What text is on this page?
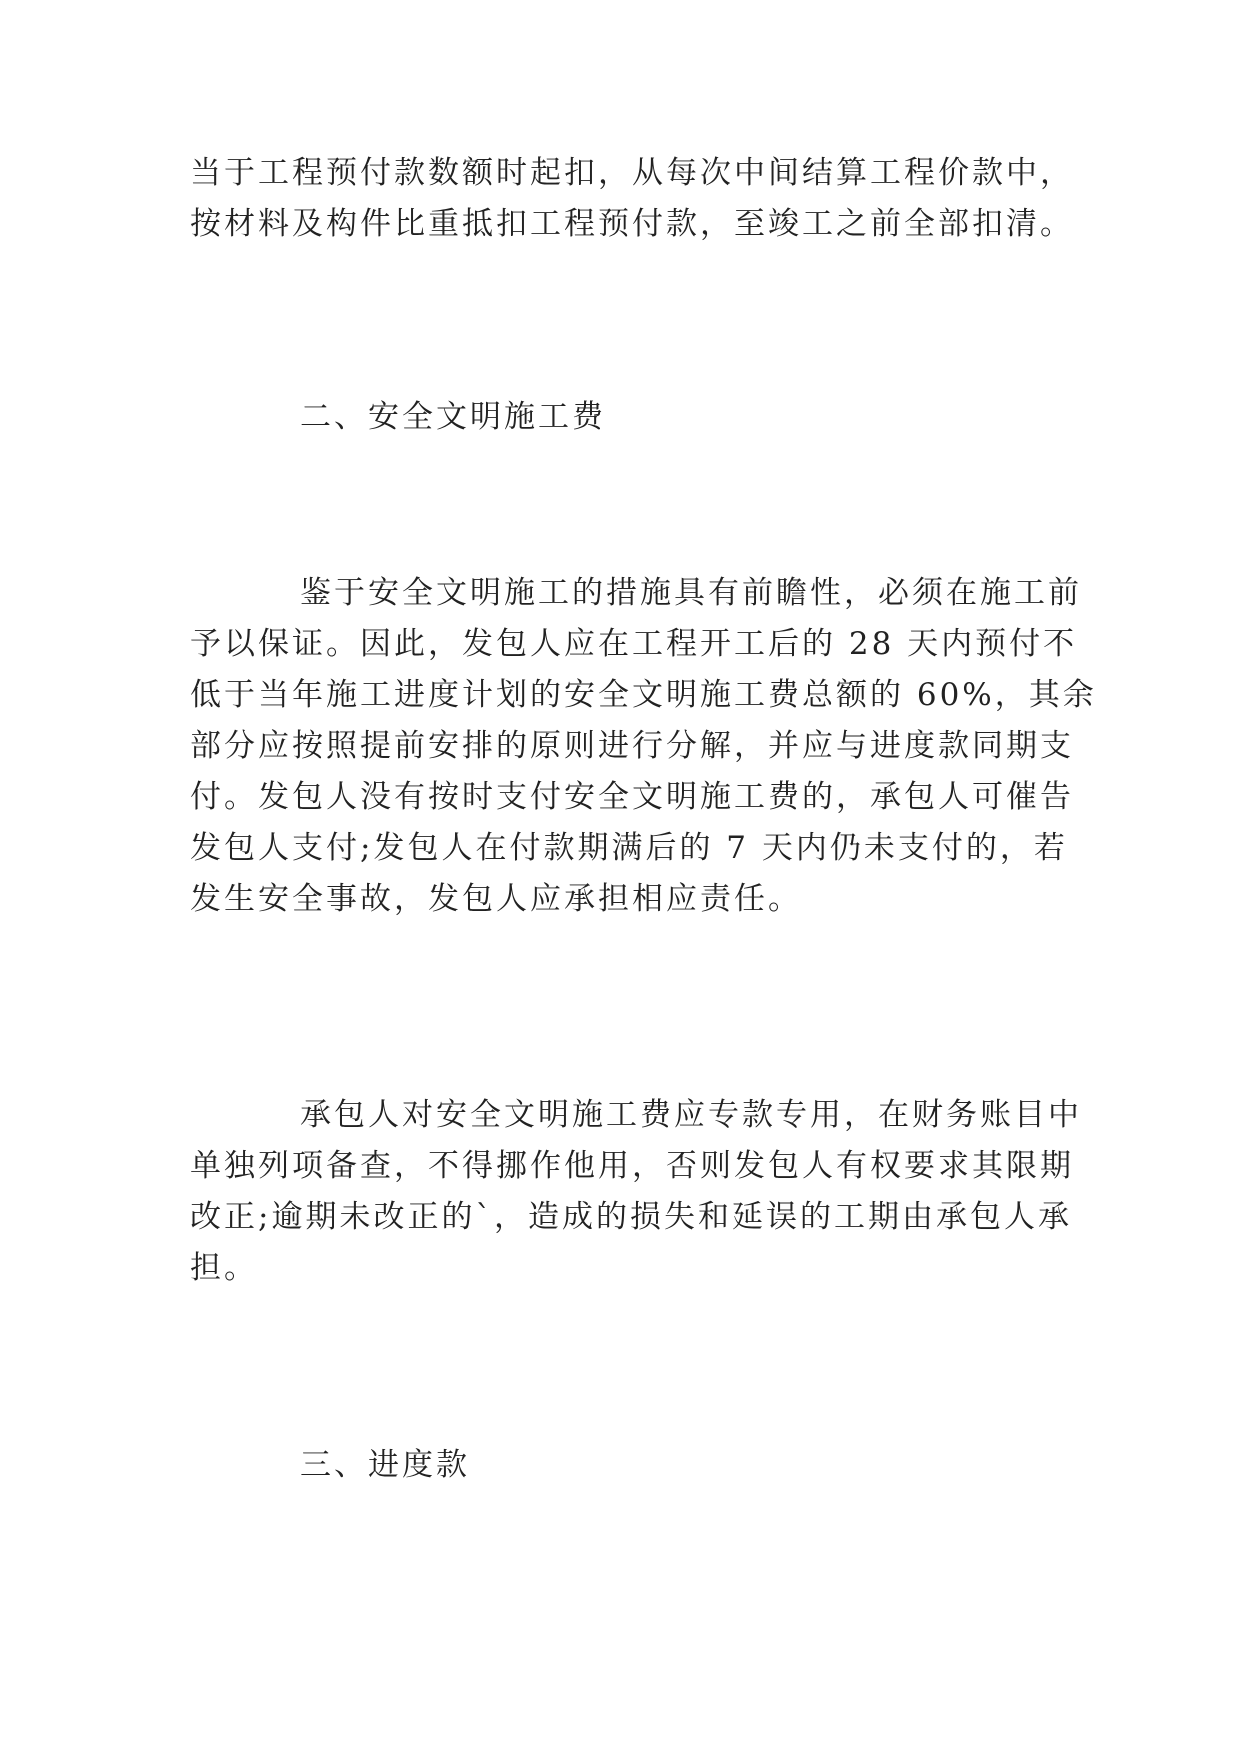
当于工程预付款数额时起扣，从每次中间结算工程价款中，
按材料及构件比重抵扣工程预付款，至竣工之前全部扣清。
二、安全文明施工费
鉴于安全文明施工的措施具有前瞻性，必须在施工前
予以保证。因此，发包人应在工程开工后的 28 天内预付不
低于当年施工进度计划的安全文明施工费总额的 60%，其余
部分应按照提前安排的原则进行分解，并应与进度款同期支
付。发包人没有按时支付安全文明施工费的，承包人可催告
发包人支付;发包人在付款期满后的 7 天内仍未支付的，若
发生安全事故，发包人应承担相应责任。
承包人对安全文明施工费应专款专用，在财务账目中
单独列项备查，不得挪作他用，否则发包人有权要求其限期
改正;逾期未改正的`，造成的损失和延误的工期由承包人承
担。
三、进度款
